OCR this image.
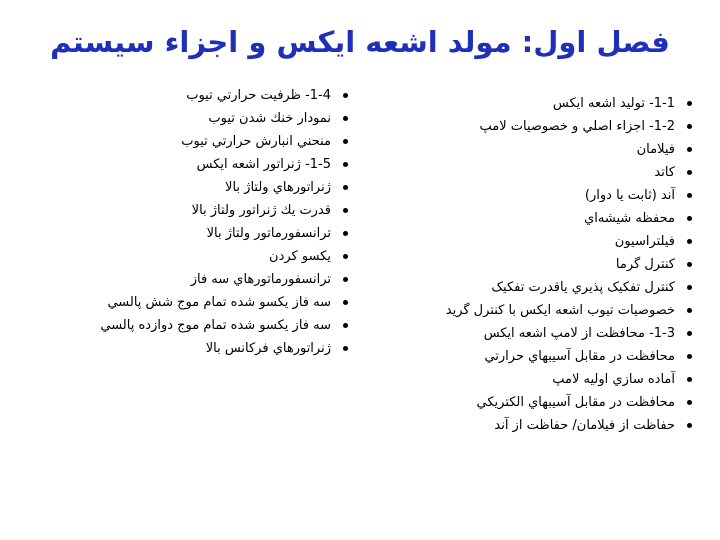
فصل اول: مولد اشعه ايکس و اجزاء سيستم
1-1- توليد اشعه ايكس
1-2- اجزاء اصلي و خصوصيات لامپ
فيلامان
كاتد
آند (ثابت يا دوار)
محفظه شيشه‌اي
فيلتراسيون
كنترل گرما
كنترل تفكيک پذيري ياقدرت تفکيک
خصوصيات تيوب اشعه ايكس با كنترل گريد
1-3- محافظت از لامپ اشعه ايكس
محافظت در مقابل آسيبهاي حرارتي
آماده سازي اوليه لامپ
محافظت در مقابل آسيبهاي الكتريكي
حفاظت از فيلامان/ حفاظت از آند
1-4- ظرفيت حرارتي تيوب
نمودار خنك شدن تيوب
منحني انبارش حرارتي تيوب
1-5- ژنراتور اشعه ايكس
ژنراتورهاي ولتاژ بالا
قدرت يك ژنراتور ولتاژ بالا
ترانسفورماتور ولتاژ بالا
يكسو كردن
ترانسفورماتورهاي سه فاز
سه فاز يكسو شده تمام موج شش پالسي
سه فاز يكسو شده تمام موج دوازده پالسي
ژنراتورهاي فركانس بالا
